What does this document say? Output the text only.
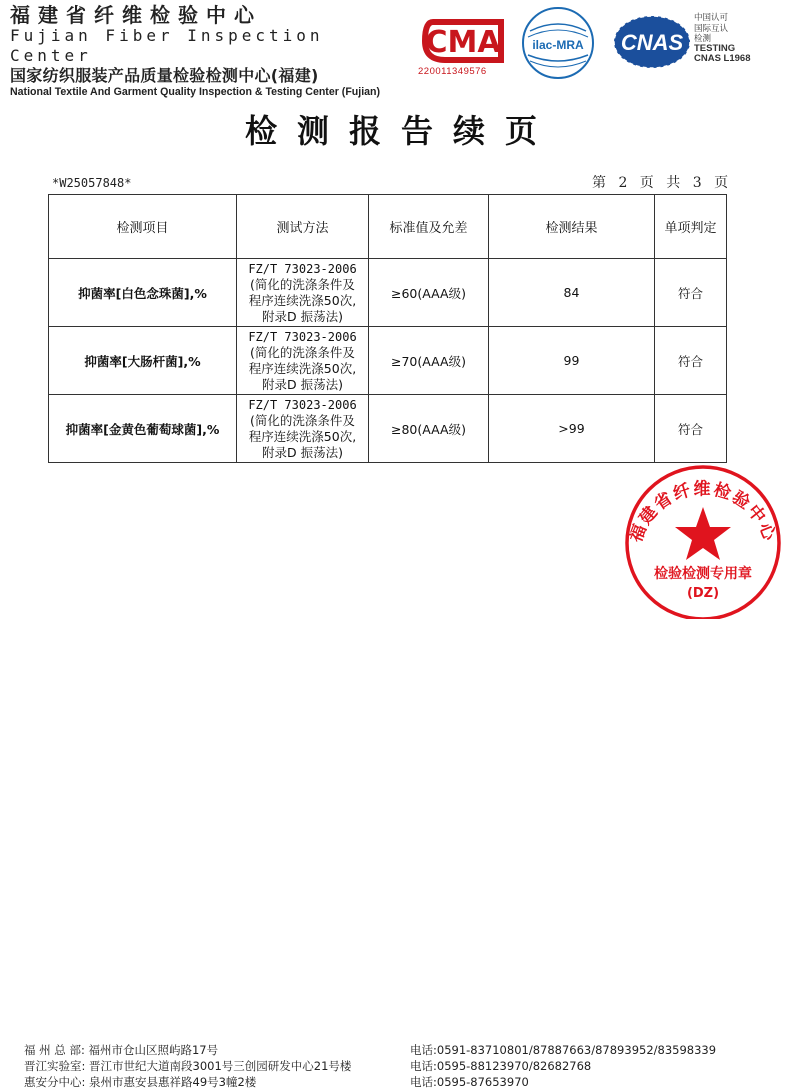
福建省纤维检验中心
Fujian Fiber Inspection Center
国家纺织服装产品质量检验检测中心(福建)
National Textile And Garment Quality Inspection & Testing Center (Fujian)
CMA
220011349576
ilac-MRA CNAS
中国认可
国际互认
检测
TESTING
CNAS L1968
检测报告续页
*W25057848*	第 2 页 共 3 页
检测项目	测试方法	标准值及允差	检测结果	单项判定
抑菌率[白色念珠菌],%	FZ/T 73023-2006
(简化的洗涤条件及
程序连续洗涤50次,
附录D 振荡法)	≥60(AAA级)	84	符合
抑菌率[大肠杆菌],%	FZ/T 73023-2006
(简化的洗涤条件及
程序连续洗涤50次,
附录D 振荡法)	≥70(AAA级)	99	符合
抑菌率[金黄色葡萄球菌],%	FZ/T 73023-2006
(简化的洗涤条件及
程序连续洗涤50次,
附录D 振荡法)	≥80(AAA级)	>99	符合
福建省纤维检验中心
检验检测专用章
(DZ)
福 州 总 部: 福州市仓山区照屿路17号	电话:0591-83710801/87887663/87893952/83598339
晋江实验室: 晋江市世纪大道南段3001号三创园研发中心21号楼	电话:0595-88123970/82682768
惠安分中心: 泉州市惠安县惠祥路49号3幢2楼	电话:0595-87653970
